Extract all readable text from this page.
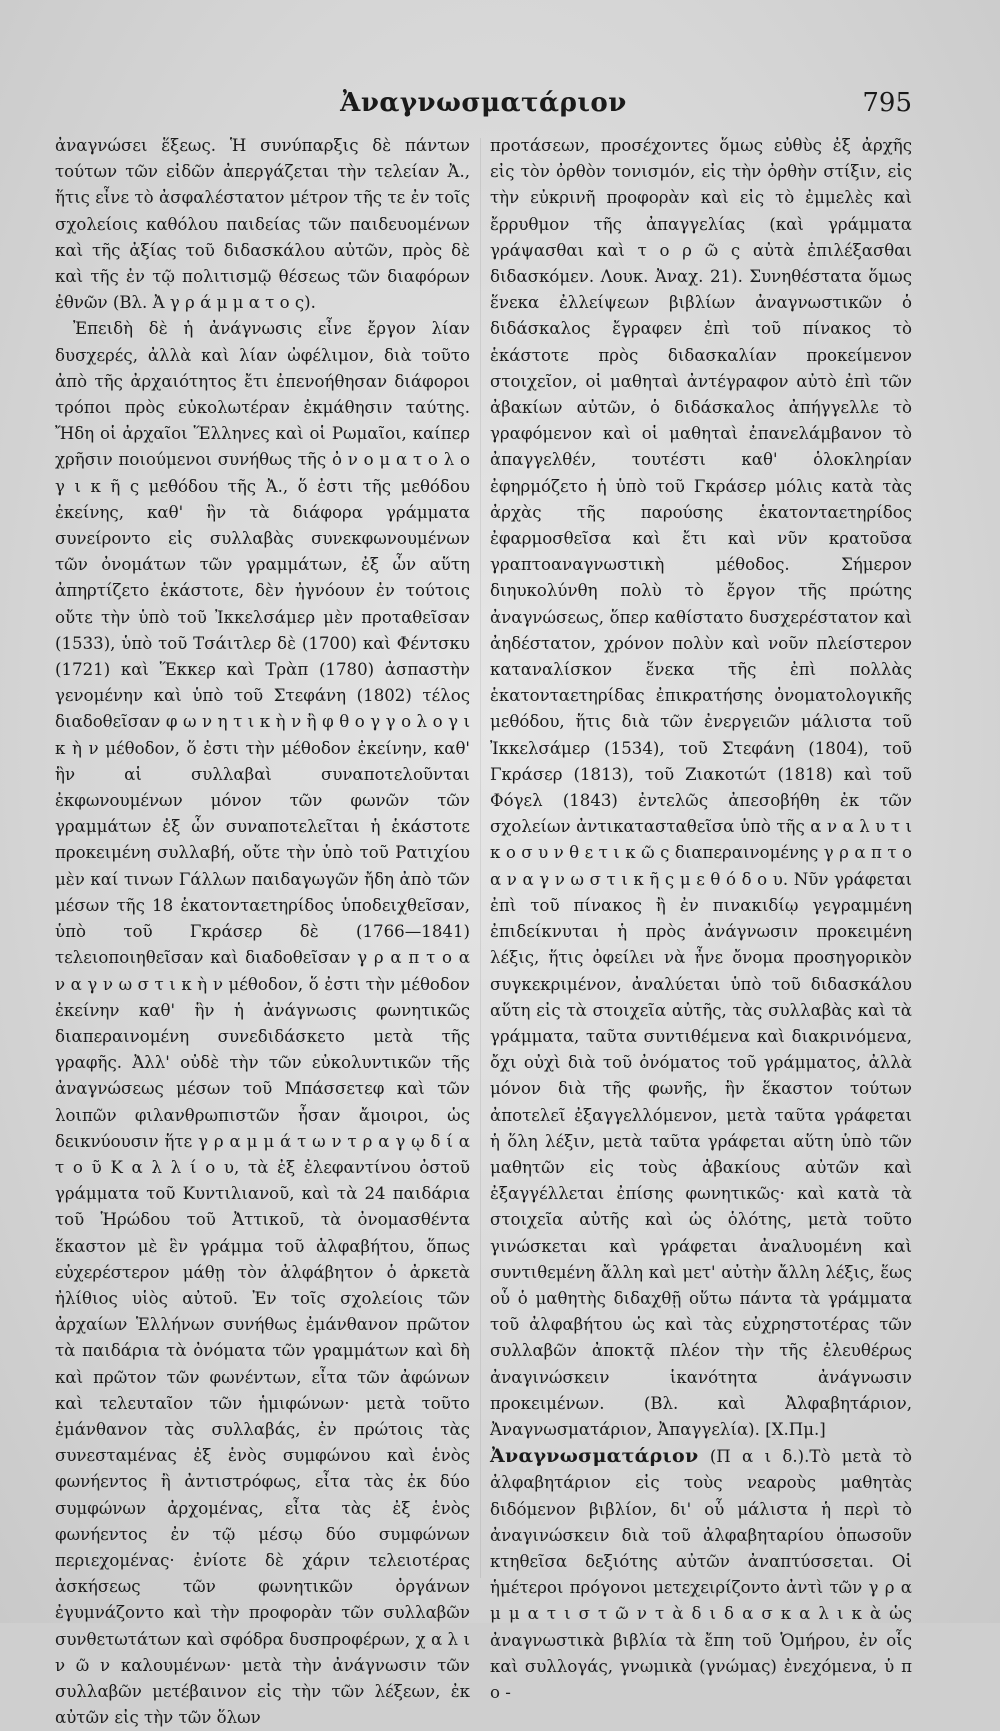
Ἀναγνωσματάριον	795

ἀναγνώσει ἕξεως. Ἡ συνύπαρξις δὲ πάντων τούτων τῶν εἰδῶν ἀπεργάζεται τὴν τελείαν Ἀ., ἥτις εἶνε τὸ ἀσφαλέστατον μέτρον τῆς τε ἐν τοῖς σχολείοις καθόλου παιδείας τῶν παιδευομένων καὶ τῆς ἀξίας τοῦ διδασκάλου αὐτῶν, πρὸς δὲ καὶ τῆς ἐν τῷ πολιτισμῷ θέσεως τῶν διαφόρων ἐθνῶν (Βλ. Ἀ γ ρ ά μ μ α τ ο ς).

Ἐπειδὴ δὲ ἡ ἀνάγνωσις εἶνε ἔργον λίαν δυσχερές, ἀλλὰ καὶ λίαν ὠφέλιμον, διὰ τοῦτο ἀπὸ τῆς ἀρχαιότητος ἔτι ἐπενοήθησαν διάφοροι τρόποι πρὸς εὐκολωτέραν ἐκμάθησιν ταύτης. Ἤδη οἱ ἀρχαῖοι Ἕλληνες καὶ οἱ Ρωμαῖοι, καίπερ χρῆσιν ποιούμενοι συνήθως τῆς ὀ ν ο μ α τ ο λ ο γ ι κ ῆ ς μεθόδου τῆς Ἀ., ὅ ἐστι τῆς μεθόδου ἐκείνης, καθ' ἣν τὰ διάφορα γράμματα συνείροντο εἰς συλλαβὰς συνεκφωνουμένων τῶν ὀνομάτων τῶν γραμμάτων, ἐξ ὧν αὕτη ἀπηρτίζετο ἑκάστοτε, δὲν ἠγνόουν ἐν τούτοις οὔτε τὴν ὑπὸ τοῦ Ἰκκελσάμερ μὲν προταθεῖσαν (1533), ὑπὸ τοῦ Τσάιτλερ δὲ (1700) καὶ Φέντσκυ (1721) καὶ Ἕκκερ καὶ Τρὰπ (1780) ἀσπαστὴν γενομένην καὶ ὑπὸ τοῦ Στεφάνη (1802) τέλος διαδοθεῖσαν φ ω ν η τ ι κ ὴ ν ἢ φ θ ο γ γ ο λ ο γ ι κ ὴ ν μέθοδον, ὅ ἐστι τὴν μέθοδον ἐκείνην, καθ' ἣν αἱ συλλαβαὶ συναποτελοῦνται ἐκφωνουμένων μόνον τῶν φωνῶν τῶν γραμμάτων ἐξ ὧν συναποτελεῖται ἡ ἑκάστοτε προκειμένη συλλαβή, οὔτε τὴν ὑπὸ τοῦ Ρατιχίου μὲν καί τινων Γάλλων παιδαγωγῶν ἤδη ἀπὸ τῶν μέσων τῆς 18 ἑκατονταετηρίδος ὑποδειχθεῖσαν, ὑπὸ τοῦ Γκράσερ δὲ (1766—1841) τελειοποιηθεῖσαν καὶ διαδοθεῖσαν γ ρ α π τ ο α ν α γ ν ω σ τ ι κ ὴ ν μέθοδον, ὅ ἐστι τὴν μέθοδον ἐκείνην καθ' ἣν ἡ ἀνάγνωσις φωνητικῶς διαπεραινομένη συνεδιδάσκετο μετὰ τῆς γραφῆς. Ἀλλ' οὐδὲ τὴν τῶν εὐκολυντικῶν τῆς ἀναγνώσεως μέσων τοῦ Μπάσσετεφ καὶ τῶν λοιπῶν φιλανθρωπιστῶν ἦσαν ἄμοιροι, ὡς δεικνύουσιν ἥτε γ ρ α μ μ ά τ ω ν τ ρ α γ ῳ δ ί α τ ο ῦ Κ α λ λ ί ο υ, τὰ ἐξ ἐλεφαντίνου ὀστοῦ γράμματα τοῦ Κυντιλιανοῦ, καὶ τὰ 24 παιδάρια τοῦ Ἡρώδου τοῦ Ἀττικοῦ, τὰ ὀνομασθέντα ἕκαστον μὲ ἓν γράμμα τοῦ ἀλφαβήτου, ὅπως εὐχερέστερον μάθῃ τὸν ἀλφάβητον ὁ ἀρκετὰ ἠλίθιος υἱὸς αὐτοῦ. Ἐν τοῖς σχολείοις τῶν ἀρχαίων Ἑλλήνων συνήθως ἐμάνθανον πρῶτον τὰ παιδάρια τὰ ὀνόματα τῶν γραμμάτων καὶ δὴ καὶ πρῶτον τῶν φωνέντων, εἶτα τῶν ἀφώνων καὶ τελευταῖον τῶν ἡμιφώνων· μετὰ τοῦτο ἐμάνθανον τὰς συλλαβάς, ἐν πρώτοις τὰς συνεσταμένας ἐξ ἑνὸς συμφώνου καὶ ἑνὸς φωνήεντος ἢ ἀντιστρόφως, εἶτα τὰς ἐκ δύο συμφώνων ἀρχομένας, εἶτα τὰς ἐξ ἑνὸς φωνήεντος ἐν τῷ μέσῳ δύο συμφώνων περιεχομένας· ἐνίοτε δὲ χάριν τελειοτέρας ἀσκήσεως τῶν φωνητικῶν ὀργάνων ἐγυμνάζοντο καὶ τὴν προφορὰν τῶν συλλαβῶν συνθετωτάτων καὶ σφόδρα δυσπροφέρων, χ α λ ι ν ῶ ν καλουμένων· μετὰ τὴν ἀνάγνωσιν τῶν συλλαβῶν μετέβαινον εἰς τὴν τῶν λέξεων, ἐκ αὐτῶν εἰς τὴν τῶν ὅλων

προτάσεων, προσέχοντες ὅμως εὐθὺς ἐξ ἀρχῆς εἰς τὸν ὀρθὸν τονισμόν, εἰς τὴν ὀρθὴν στίξιν, εἰς τὴν εὐκρινῆ προφορὰν καὶ εἰς τὸ ἐμμελὲς καὶ ἔρρυθμον τῆς ἀπαγγελίας (καὶ γράμματα γράψασθαι καὶ τ ο ρ ῶ ς αὐτὰ ἐπιλέξασθαι διδασκόμεν. Λουκ. Ἀναχ. 21). Συνηθέστατα ὅμως ἕνεκα ἐλλείψεων βιβλίων ἀναγνωστικῶν ὁ διδάσκαλος ἔγραφεν ἐπὶ τοῦ πίνακος τὸ ἑκάστοτε πρὸς διδασκαλίαν προκείμενον στοιχεῖον, οἱ μαθηταὶ ἀντέγραφον αὐτὸ ἐπὶ τῶν ἀβακίων αὐτῶν, ὁ διδάσκαλος ἀπήγγελλε τὸ γραφόμενον καὶ οἱ μαθηταὶ ἐπανελάμβανον τὸ ἀπαγγελθέν, τουτέστι καθ' ὁλοκληρίαν ἐφηρμόζετο ἡ ὑπὸ τοῦ Γκράσερ μόλις κατὰ τὰς ἀρχὰς τῆς παρούσης ἑκατονταετηρίδος ἐφαρμοσθεῖσα καὶ ἔτι καὶ νῦν κρατοῦσα γραπτοαναγνωστικὴ μέθοδος. Σήμερον διηυκολύνθη πολὺ τὸ ἔργον τῆς πρώτης ἀναγνώσεως, ὅπερ καθίστατο δυσχερέστατον καὶ ἀηδέστατον, χρόνον πολὺν καὶ νοῦν πλείστερον καταναλίσκον ἕνεκα τῆς ἐπὶ πολλὰς ἑκατονταετηρίδας ἐπικρατήσης ὀνοματολογικῆς μεθόδου, ἥτις διὰ τῶν ἐνεργειῶν μάλιστα τοῦ Ἰκκελσάμερ (1534), τοῦ Στεφάνη (1804), τοῦ Γκράσερ (1813), τοῦ Ζιακοτώτ (1818) καὶ τοῦ Φόγελ (1843) ἐντελῶς ἀπεσοβήθη ἐκ τῶν σχολείων ἀντικατασταθεῖσα ὑπὸ τῆς α ν α λ υ τ ι κ ο σ υ ν θ ε τ ι κ ῶ ς διαπεραινομένης γ ρ α π τ ο α ν α γ ν ω σ τ ι κ ῆ ς μ ε θ ό δ ο υ. Νῦν γράφεται ἐπὶ τοῦ πίνακος ἢ ἐν πινακιδίῳ γεγραμμένη ἐπιδείκνυται ἡ πρὸς ἀνάγνωσιν προκειμένη λέξις, ἥτις ὀφείλει νὰ ἦνε ὄνομα προσηγορικὸν συγκεκριμένον, ἀναλύεται ὑπὸ τοῦ διδασκάλου αὕτη εἰς τὰ στοιχεῖα αὐτῆς, τὰς συλλαβὰς καὶ τὰ γράμματα, ταῦτα συντιθέμενα καὶ διακρινόμενα, ὄχι οὐχὶ διὰ τοῦ ὀνόματος τοῦ γράμματος, ἀλλὰ μόνον διὰ τῆς φωνῆς, ἣν ἕκαστον τούτων ἀποτελεῖ ἐξαγγελλόμενον, μετὰ ταῦτα γράφεται ἡ ὅλη λέξιν, μετὰ ταῦτα γράφεται αὕτη ὑπὸ τῶν μαθητῶν εἰς τοὺς ἀβακίους αὐτῶν καὶ ἐξαγγέλλεται ἐπίσης φωνητικῶς· καὶ κατὰ τὰ στοιχεῖα αὐτῆς καὶ ὡς ὁλότης, μετὰ τοῦτο γινώσκεται καὶ γράφεται ἀναλυομένη καὶ συντιθεμένη ἄλλη καὶ μετ' αὐτὴν ἄλλη λέξις, ἕως οὗ ὁ μαθητὴς διδαχθῇ οὕτω πάντα τὰ γράμματα τοῦ ἀλφαβήτου ὡς καὶ τὰς εὐχρηστοτέρας τῶν συλλαβῶν ἀποκτᾷ πλέον τὴν τῆς ἐλευθέρως ἀναγινώσκειν ἱκανότητα ἀνάγνωσιν προκειμένων. (Βλ. καὶ Ἀλφαβητάριον, Ἀναγνωσματάριον, Ἀπαγγελία). [Χ.Πμ.]

Ἀναγνωσματάριον (Π α ι δ.).Τὸ μετὰ τὸ ἀλφαβητάριον εἰς τοὺς νεαροὺς μαθητὰς διδόμενον βιβλίον, δι' οὗ μάλιστα ἡ περὶ τὸ ἀναγινώσκειν διὰ τοῦ ἀλφαβηταρίου ὁπωσοῦν κτηθεῖσα δεξιότης αὐτῶν ἀναπτύσσεται. Οἱ ἡμέτεροι πρόγονοι μετεχειρίζοντο ἀντὶ τῶν γ ρ α μ μ α τ ι σ τ ῶ ν τ ὰ δ ι δ α σ κ α λ ι κ ὰ ὡς ἀναγνωστικὰ βιβλία τὰ ἔπη τοῦ Ὁμήρου, ἐν οἷς καὶ συλλογάς, γνωμικὰ (γνώμας) ἐνεχόμενα, ὑ π ο -
